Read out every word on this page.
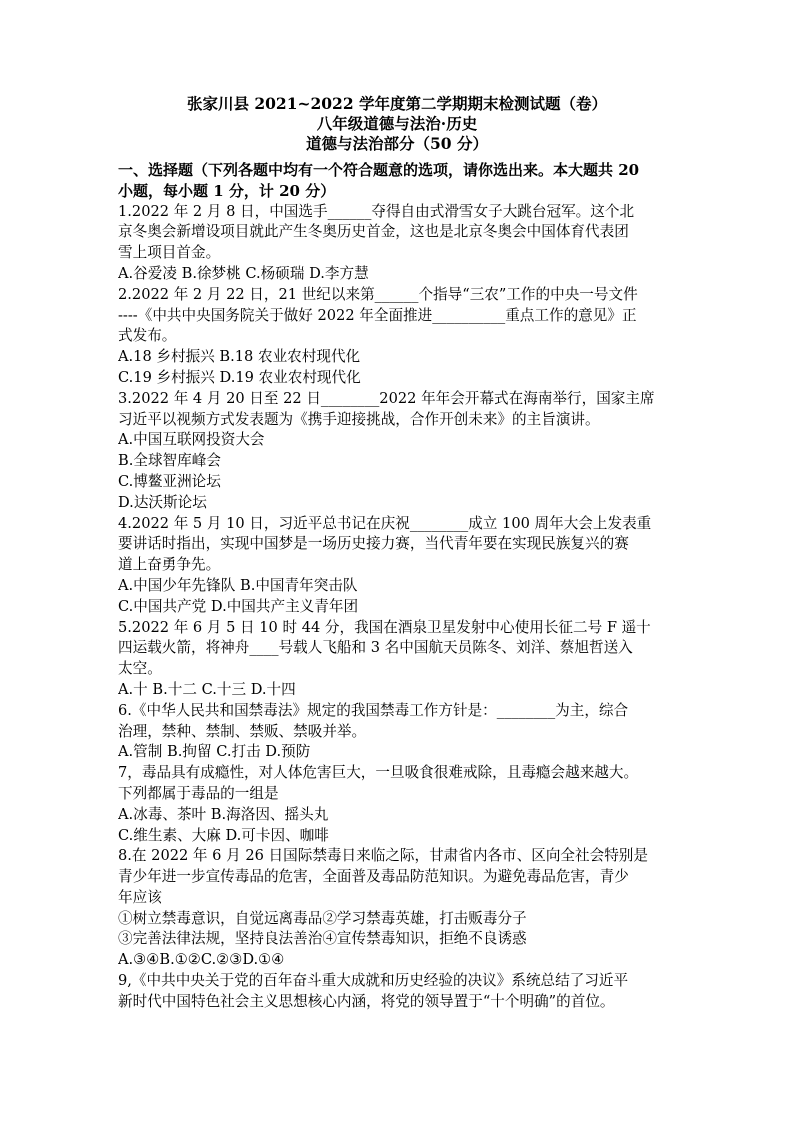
张家川县 2021~2022 学年度第二学期期末检测试题（卷）
八年级道德与法治·历史
道德与法治部分（50 分）
一、选择题（下列各题中均有一个符合题意的选项，请你选出来。本大题共 20
小题，每小题 1 分，计 20 分）
1.2022 年 2 月 8 日，中国选手______夺得自由式滑雪女子大跳台冠军。这个北
京冬奥会新增设项目就此产生冬奥历史首金，这也是北京冬奥会中国体育代表团
雪上项目首金。
A.谷爱凌 B.徐梦桃 C.杨硕瑞 D.李方慧
2.2022 年 2 月 22 日，21 世纪以来第______个指导“三农”工作的中央一号文件
----《中共中央国务院关于做好 2022 年全面推进__________重点工作的意见》正
式发布。
A.18 乡村振兴 B.18 农业农村现代化
C.19 乡村振兴 D.19 农业农村现代化
3.2022 年 4 月 20 日至 22 日________2022 年年会开幕式在海南举行，国家主席
习近平以视频方式发表题为《携手迎接挑战，合作开创未来》的主旨演讲。
A.中国互联网投资大会
B.全球智库峰会
C.博鳌亚洲论坛
D.达沃斯论坛
4.2022 年 5 月 10 日，习近平总书记在庆祝________成立 100 周年大会上发表重
要讲话时指出，实现中国梦是一场历史接力赛，当代青年要在实现民族复兴的赛
道上奋勇争先。
A.中国少年先锋队 B.中国青年突击队
C.中国共产党 D.中国共产主义青年团
5.2022 年 6 月 5 日 10 时 44 分，我国在酒泉卫星发射中心使用长征二号 F 遥十
四运载火箭，将神舟____号载人飞船和 3 名中国航天员陈冬、刘洋、蔡旭哲送入
太空。
A.十 B.十二 C.十三 D.十四
6.《中华人民共和国禁毒法》规定的我国禁毒工作方针是：________为主，综合
治理，禁种、禁制、禁贩、禁吸并举。
A.管制 B.拘留 C.打击 D.预防
7，毒品具有成瘾性，对人体危害巨大，一旦吸食很难戒除，且毒瘾会越来越大。
下列都属于毒品的一组是
A.冰毒、茶叶 B.海洛因、摇头丸
C.维生素、大麻 D.可卡因、咖啡
8.在 2022 年 6 月 26 日国际禁毒日来临之际，甘肃省内各市、区向全社会特别是
青少年进一步宣传毒品的危害，全面普及毒品防范知识。为避免毒品危害，青少
年应该
①树立禁毒意识，自觉远离毒品②学习禁毒英雄，打击贩毒分子
③完善法律法规，坚持良法善治④宣传禁毒知识，拒绝不良诱惑
A.③④B.①②C.②③D.①④
9,《中共中央关于党的百年奋斗重大成就和历史经验的决议》系统总结了习近平
新时代中国特色社会主义思想核心内涵，将党的领导置于“十个明确”的首位。
